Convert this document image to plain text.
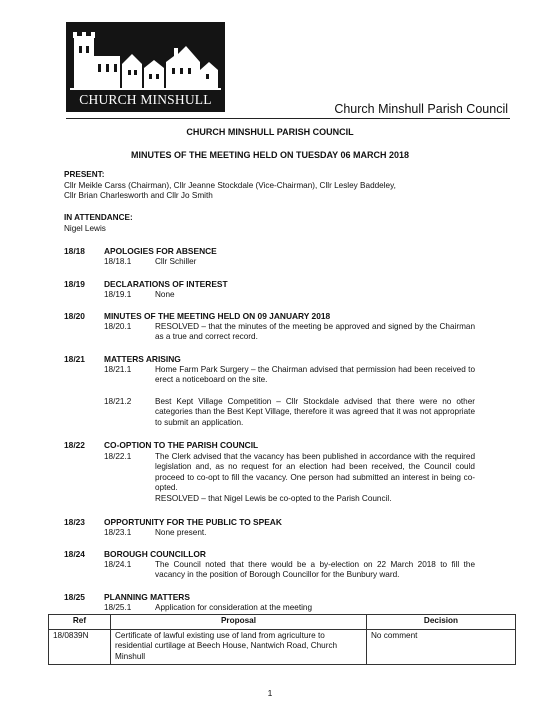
CHURCH MINSHULL
Church Minshull Parish Council
CHURCH MINSHULL PARISH COUNCIL
MINUTES OF THE MEETING HELD ON TUESDAY 06 MARCH 2018
PRESENT:
Cllr Meikle Carss (Chairman), Cllr Jeanne Stockdale (Vice-Chairman), Cllr Lesley Baddeley,
Cllr Brian Charlesworth and Cllr Jo Smith
IN ATTENDANCE:
Nigel Lewis
18/18 APOLOGIES FOR ABSENCE
18/18.1	Cllr Schiller
18/19 DECLARATIONS OF INTEREST
18/19.1	None
18/20 MINUTES OF THE MEETING HELD ON 09 JANUARY 2018
18/20.1	RESOLVED – that the minutes of the meeting be approved and signed by the Chairman as a true and correct record.
18/21 MATTERS ARISING
18/21.1	Home Farm Park Surgery – the Chairman advised that permission had been received to erect a noticeboard on the site.
18/21.2	Best Kept Village Competition – Cllr Stockdale advised that there were no other categories than the Best Kept Village, therefore it was agreed that it was not appropriate to submit an application.
18/22 CO-OPTION TO THE PARISH COUNCIL
18/22.1	The Clerk advised that the vacancy has been published in accordance with the required legislation and, as no request for an election had been received, the Council could proceed to co-opt to fill the vacancy. One person had submitted an interest in being co-opted.
RESOLVED – that Nigel Lewis be co-opted to the Parish Council.
18/23 OPPORTUNITY FOR THE PUBLIC TO SPEAK
18/23.1	None present.
18/24 BOROUGH COUNCILLOR
18/24.1	The Council noted that there would be a by-election on 22 March 2018 to fill the vacancy in the position of Borough Councillor for the Bunbury ward.
18/25 PLANNING MATTERS
18/25.1	Application for consideration at the meeting
Ref	Proposal	Decision
18/0839N	Certificate of lawful existing use of land from agriculture to residential curtilage at Beech House, Nantwich Road, Church Minshull	No comment
1
